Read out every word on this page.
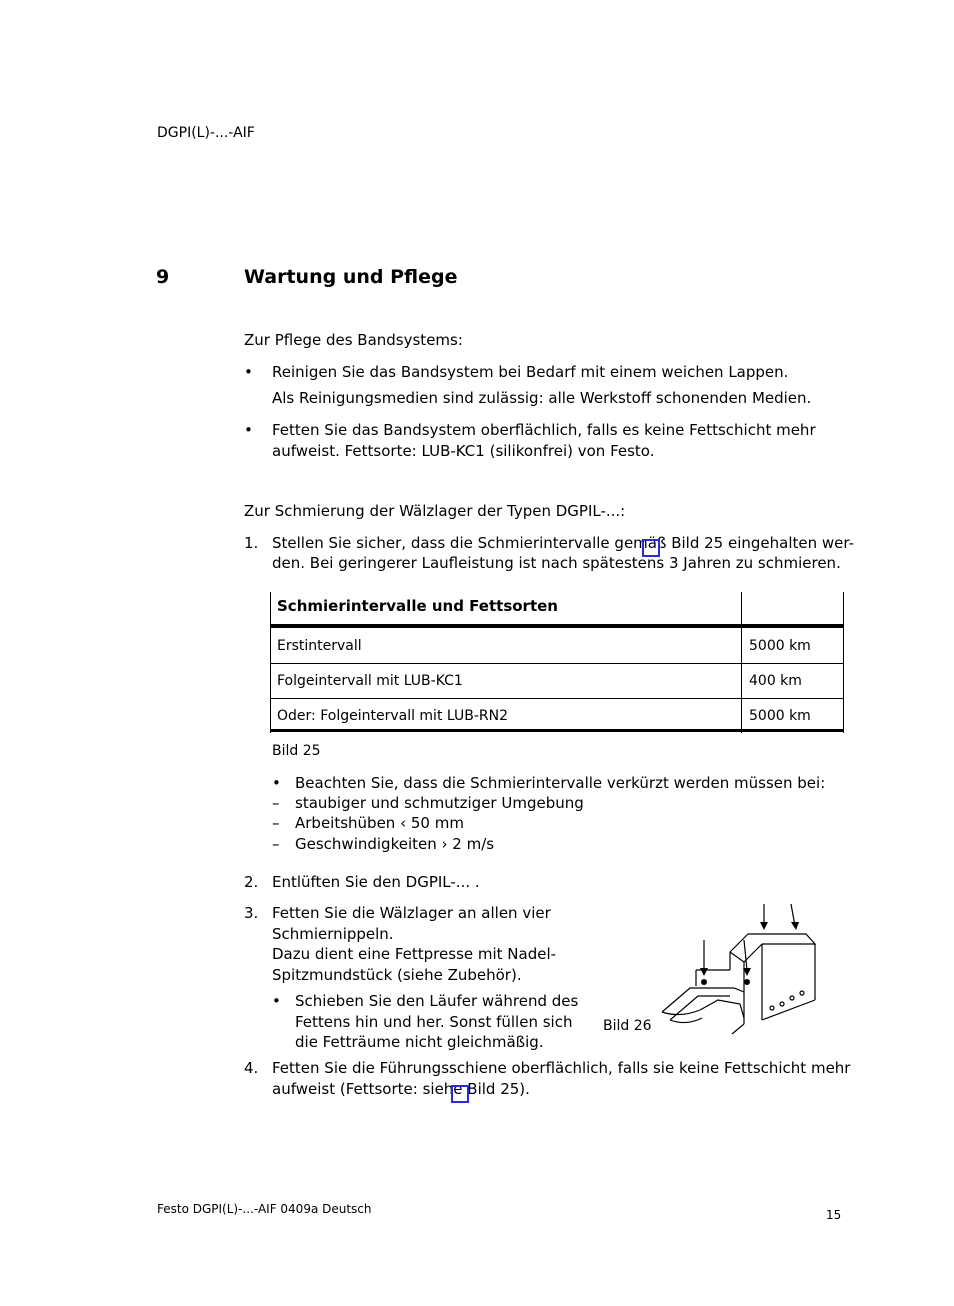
DGPI(L)-...-AIF
9	Wartung und Pflege
Zur Pflege des Bandsystems:
• Reinigen Sie das Bandsystem bei Bedarf mit einem weichen Lappen.
Als Reinigungsmedien sind zulässig: alle Werkstoff schonenden Medien.
• Fetten Sie das Bandsystem oberflächlich, falls es keine Fettschicht mehr
aufweist. Fettsorte: LUB-KC1 (silikonfrei) von Festo.
Zur Schmierung der Wälzlager der Typen DGPIL-...:
1. Stellen Sie sicher, dass die Schmierintervalle gemäß Bild 25 eingehalten wer-
den. Bei geringerer Laufleistung ist nach spätestens 3 Jahren zu schmieren.
Schmierintervalle und Fettsorten
Erstintervall	5000 km
Folgeintervall mit LUB-KC1	400 km
Oder: Folgeintervall mit LUB-RN2	5000 km
Bild 25
• Beachten Sie, dass die Schmierintervalle verkürzt werden müssen bei:
– staubiger und schmutziger Umgebung
– Arbeitshüben ‹ 50 mm
– Geschwindigkeiten › 2 m/s
2. Entlüften Sie den DGPIL-... .
3. Fetten Sie die Wälzlager an allen vier
Schmiernippeln.
Dazu dient eine Fettpresse mit Nadel-
Spitzmundstück (siehe Zubehör).
• Schieben Sie den Läufer während des
Fettens hin und her. Sonst füllen sich
die Fetträume nicht gleichmäßig.
Bild 26
4. Fetten Sie die Führungsschiene oberflächlich, falls sie keine Fettschicht mehr
aufweist (Fettsorte: siehe Bild 25).
Festo DGPI(L)-...-AIF 0409a Deutsch	15
